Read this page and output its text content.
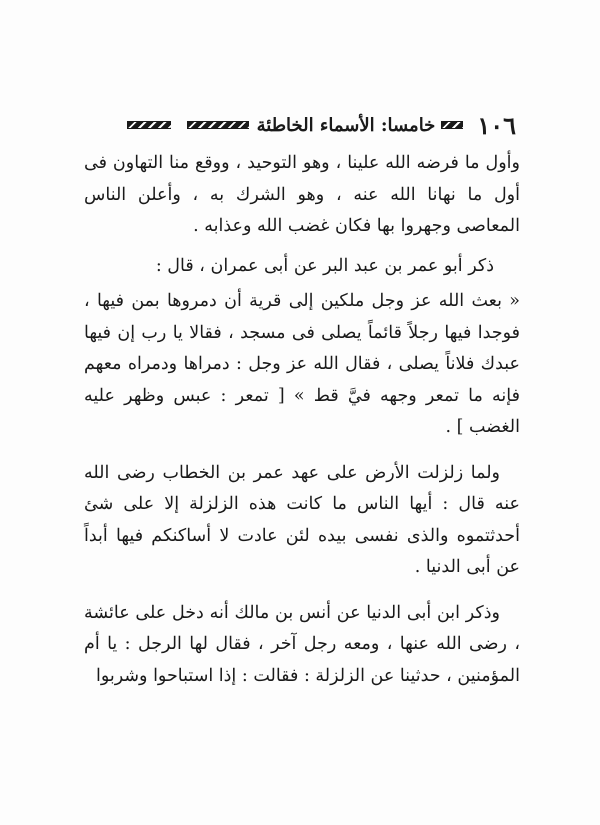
١٠٦
خامسا: الأسماء الخاطئة

وأول ما فرضه الله علينا ، وهو التوحيد ، ووقع منا التهاون فى أول ما نهانا الله عنه ، وهو الشرك به ، وأعلن الناس المعاصى وجهروا بها فكان غضب الله وعذابه .

ذكر أبو عمر بن عبد البر عن أبى عمران ، قال :

« بعث الله عز وجل ملكين إلى قرية أن دمروها بمن فيها ، فوجدا فيها رجلاً قائماً يصلى فى مسجد ، فقالا يا رب إن فيها عبدك فلاناً يصلى ، فقال الله عز وجل : دمراها ودمراه معهم فإنه ما تمعر وجهه فيَّ قط » [ تمعر : عبس وظهر عليه الغضب ] .

ولما زلزلت الأرض على عهد عمر بن الخطاب رضى الله عنه قال : أيها الناس ما كانت هذه الزلزلة إلا على شئ أحدثتموه والذى نفسى بيده لئن عادت لا أساكنكم فيها أبداً عن أبى الدنيا .

وذكر ابن أبى الدنيا عن أنس بن مالك أنه دخل على عائشة ، رضى الله عنها ، ومعه رجل آخر ، فقال لها الرجل : يا أم المؤمنين ، حدثينا عن الزلزلة : فقالت : إذا استباحوا وشربوا
